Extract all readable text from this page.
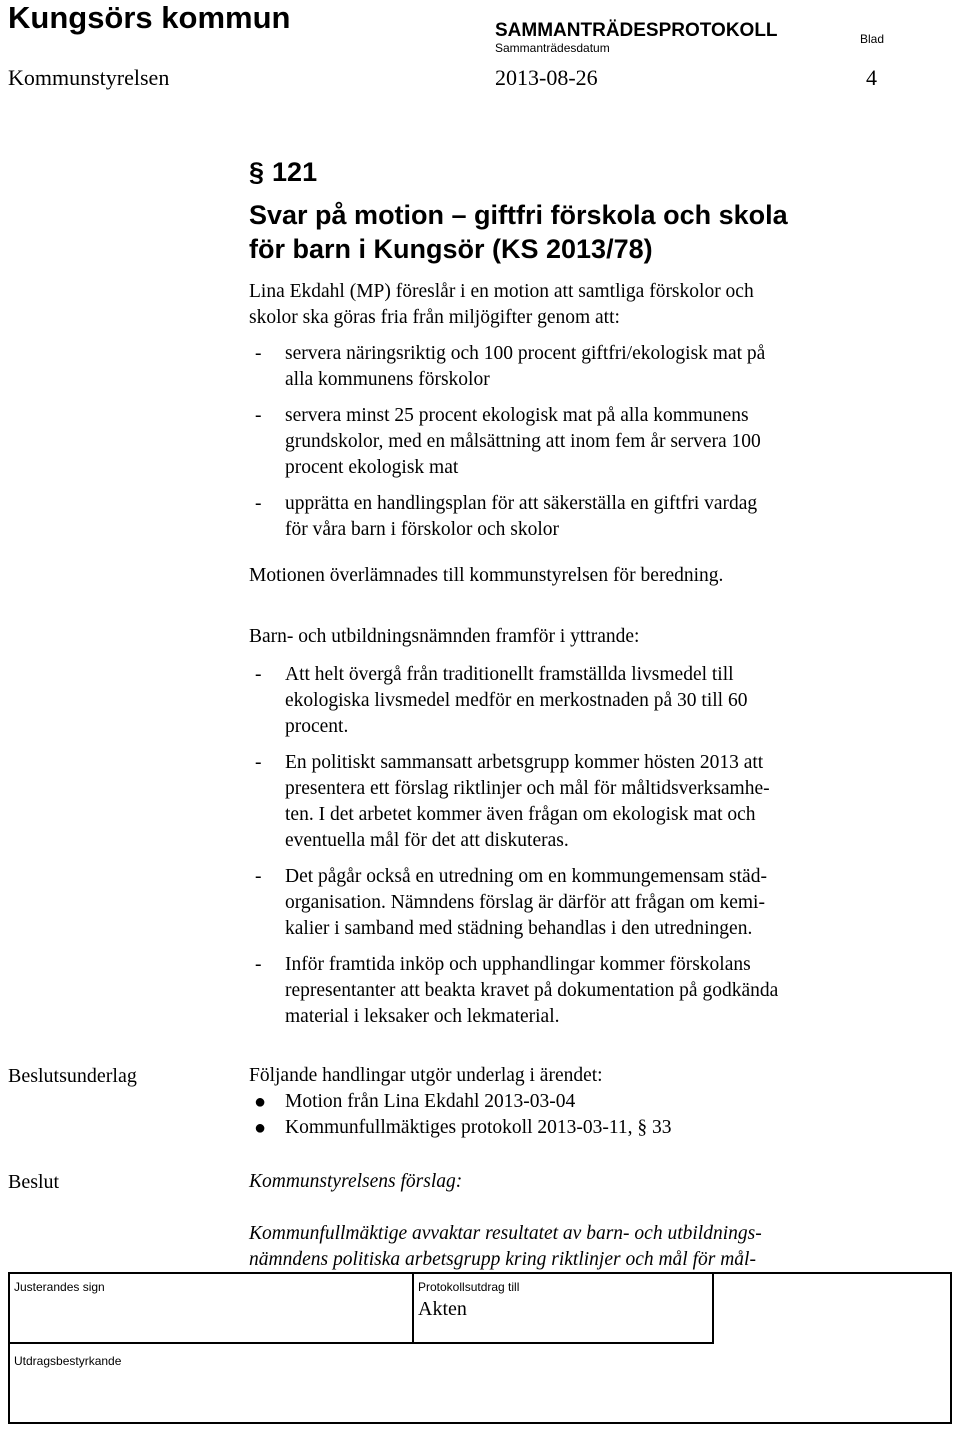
Kungsörs kommun	SAMMANTRÄDESPROTOKOLL
Sammanträdesdatum
Blad
Kommunstyrelsen	2013-08-26	4
§ 121
Svar på motion – giftfri förskola och skola
för barn i Kungsör (KS 2013/78)
Lina Ekdahl (MP) föreslår i en motion att samtliga förskolor och
skolor ska göras fria från miljögifter genom att:
- servera näringsriktig och 100 procent giftfri/ekologisk mat på
alla kommunens förskolor
- servera minst 25 procent ekologisk mat på alla kommunens
grundskolor, med en målsättning att inom fem år servera 100
procent ekologisk mat
- upprätta en handlingsplan för att säkerställa en giftfri vardag
för våra barn i förskolor och skolor
Motionen överlämnades till kommunstyrelsen för beredning.
Barn- och utbildningsnämnden framför i yttrande:
- Att helt övergå från traditionellt framställda livsmedel till
ekologiska livsmedel medför en merkostnaden på 30 till 60
procent.
- En politiskt sammansatt arbetsgrupp kommer hösten 2013 att
presentera ett förslag riktlinjer och mål för måltidsverksamhe-
ten. I det arbetet kommer även frågan om ekologisk mat och
eventuella mål för det att diskuteras.
- Det pågår också en utredning om en kommungemensam städ-
organisation. Nämndens förslag är därför att frågan om kemi-
kalier i samband med städning behandlas i den utredningen.
- Inför framtida inköp och upphandlingar kommer förskolans
representanter att beakta kravet på dokumentation på godkända
material i leksaker och lekmaterial.
Beslutsunderlag	Följande handlingar utgör underlag i ärendet:
● Motion från Lina Ekdahl 2013-03-04
● Kommunfullmäktiges protokoll 2013-03-11, § 33
Beslut	Kommunstyrelsens förslag:
Kommunfullmäktige avvaktar resultatet av barn- och utbildnings-
nämndens politiska arbetsgrupp kring riktlinjer och mål för mål-
Justerandes sign	Protokollsutdrag till
Akten
Utdragsbestyrkande
